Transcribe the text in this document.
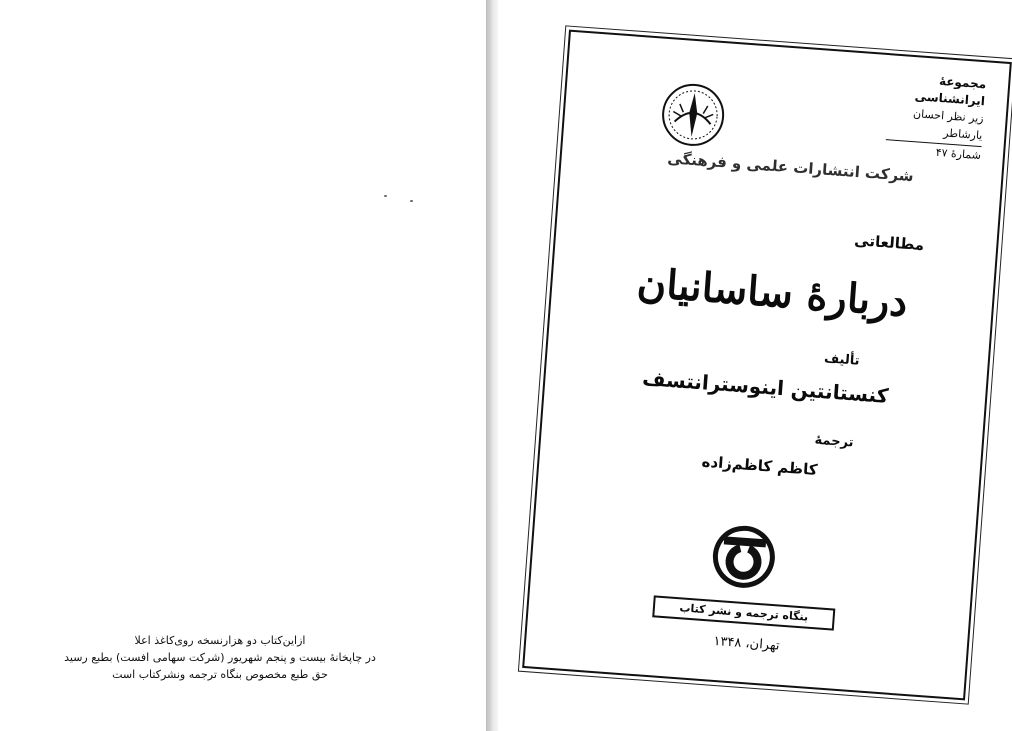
ازاین‌کتاب دو هزارنسخه روی‌کاغذ اعلا
در چاپخانهٔ بیست و پنجم شهریور (شرکت سهامی افست) بطبع رسید
حق طبع مخصوص بنگاه ترجمه ونشرکتاب است
مجموعهٔ ایرانشناسی
زیر نظر احسان یارشاطر
شمارهٔ ۴۷
شرکت انتشارات علمی و فرهنگی
مطالعاتی
دربارهٔ ساسانیان
تألیف
کنستانتین اینوسترانتسف
ترجمهٔ
کاظم کاظم‌زاده
بنگاه ترجمه و نشر کتاب
تهران، ۱۳۴۸
